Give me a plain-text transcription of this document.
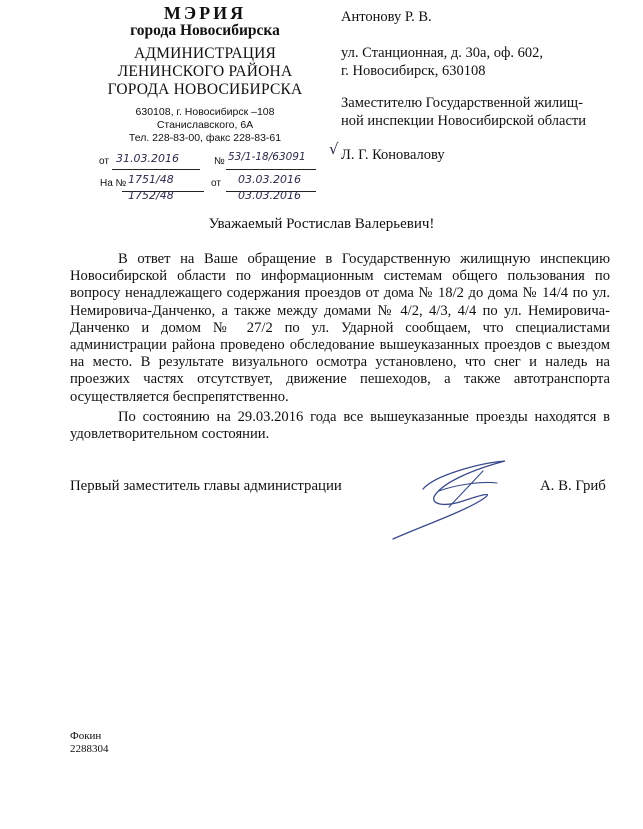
МЭРИЯ
города Новосибирска
АДМИНИСТРАЦИЯ
ЛЕНИНСКОГО РАЙОНА
ГОРОДА НОВОСИБИРСКА
630108, г. Новосибирск –108
Станиславского, 6А
Тел. 228-83-00, факс 228-83-61
от 31.03.2016	№ 53/1-18/63091
На № 1751/48
1752/48
от 03.03.2016
03.03.2016
Антонову Р. В.
ул. Станционная, д. 30а, оф. 602,
г. Новосибирск, 630108
Заместителю Государственной жилищ-
ной инспекции Новосибирской области
√ Л. Г. Коновалову
Уважаемый Ростислав Валерьевич!
В ответ на Ваше обращение в Государственную жилищную инспекцию Новосибирской области по информационным системам общего пользования по вопросу ненадлежащего содержания проездов от дома № 18/2 до дома № 14/4 по ул. Немировича-Данченко, а также между домами № 4/2, 4/3, 4/4 по ул. Немировича-Данченко и домом № 27/2 по ул. Ударной сообщаем, что специалистами администрации района проведено обследование вышеуказанных проездов с выездом на место. В результате визуального осмотра установлено, что снег и наледь на проезжих частях отсутствует, движение пешеходов, а также автотранспорта осуществляется беспрепятственно.
По состоянию на 29.03.2016 года все вышеуказанные проезды находятся в удовлетворительном состоянии.
Первый заместитель главы администрации	А. В. Гриб
Фокин
2288304
